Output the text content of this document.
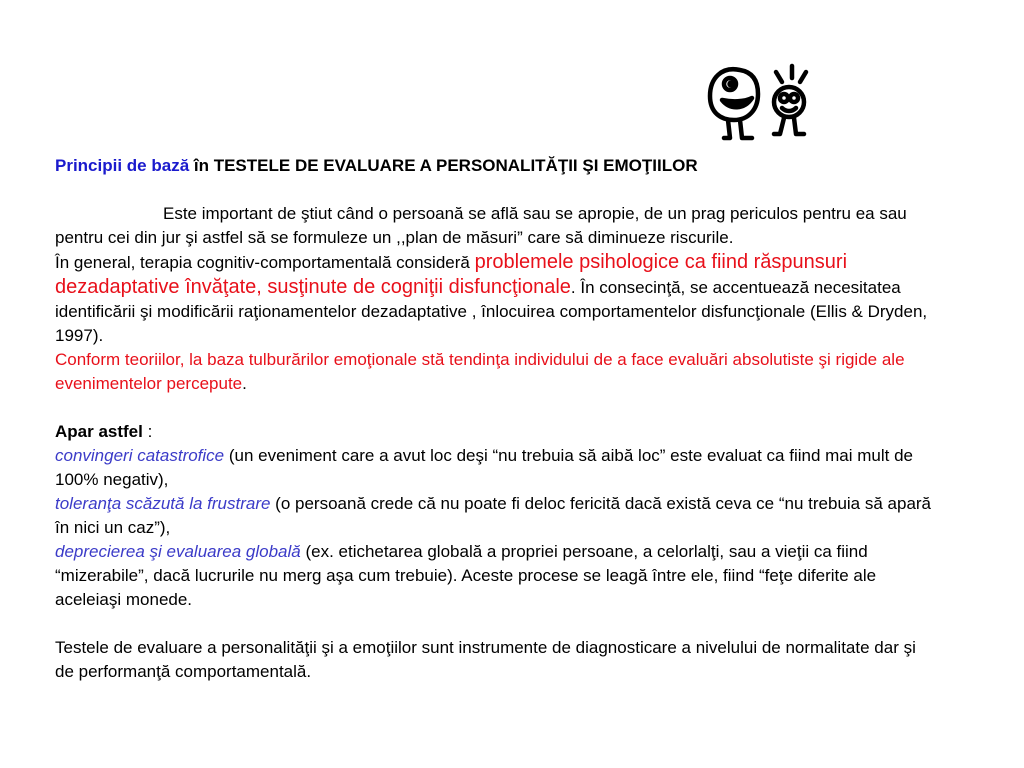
Principii de bază în TESTELE DE EVALUARE A PERSONALITĂŢII ŞI EMOŢIILOR

Este important de ştiut când o persoană se află sau se apropie, de un prag periculos pentru ea sau pentru cei din jur şi astfel să se formuleze un ,,plan de măsuri” care să diminueze riscurile.

În general, terapia cognitiv-comportamentală consideră problemele psihologice ca fiind răspunsuri dezadaptative învăţate, susţinute de cogniţii disfuncţionale. În consecinţă, se accentuează necesitatea identificării şi modificării raţionamentelor dezadaptative , înlocuirea comportamentelor disfuncţionale (Ellis & Dryden, 1997).

Conform teoriilor, la baza tulburărilor emoţionale stă tendinţa individului de a face evaluări absolutiste şi rigide ale evenimentelor percepute.

Apar astfel :

convingeri catastrofice (un eveniment care a avut loc deşi “nu trebuia să aibă loc” este evaluat ca fiind mai mult de 100% negativ),

toleranţa scăzută la frustrare (o persoană crede că nu poate fi deloc fericită dacă există ceva ce “nu trebuia să apară în nici un caz”),

deprecierea şi evaluarea globală (ex. etichetarea globală a propriei persoane, a celorlalţi, sau a vieţii ca fiind “mizerabile”, dacă lucrurile nu merg aşa cum trebuie). Aceste procese se leagă între ele, fiind “feţe diferite ale aceleiaşi monede.

Testele de evaluare a personalităţii şi a emoţiilor sunt instrumente de diagnosticare a nivelului de normalitate dar şi de performanţă comportamentală.
